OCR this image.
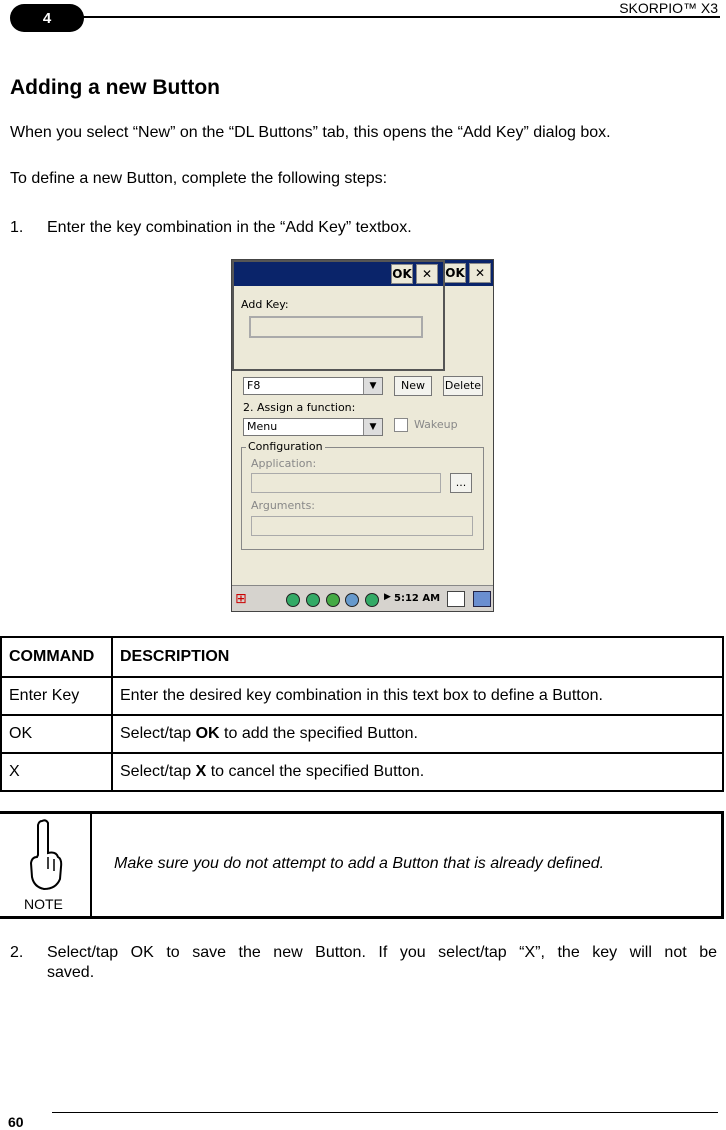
4
SKORPIO™ X3
Adding a new Button

When you select “New” on the “DL Buttons” tab, this opens the “Add Key” dialog box.

To define a new Button, complete the following steps:

1. Enter the key combination in the “Add Key” textbox.
OK ✕
F8	▼	New	Delete
2. Assign a function:
Menu	▼	Wakeup
Configuration
Application:
...
Arguments:
OK ✕
Add Key:
⊞	▶ 5:12 AM
COMMAND	DESCRIPTION
Enter Key	Enter the desired key combination in this text box to define a Button.
OK	Select/tap OK to add the specified Button.
X	Select/tap X to cancel the specified Button.
NOTE
Make sure you do not attempt to add a Button that is already defined.
2. Select/tap OK to save the new Button. If you select/tap “X”, the key will not be
saved.
60
